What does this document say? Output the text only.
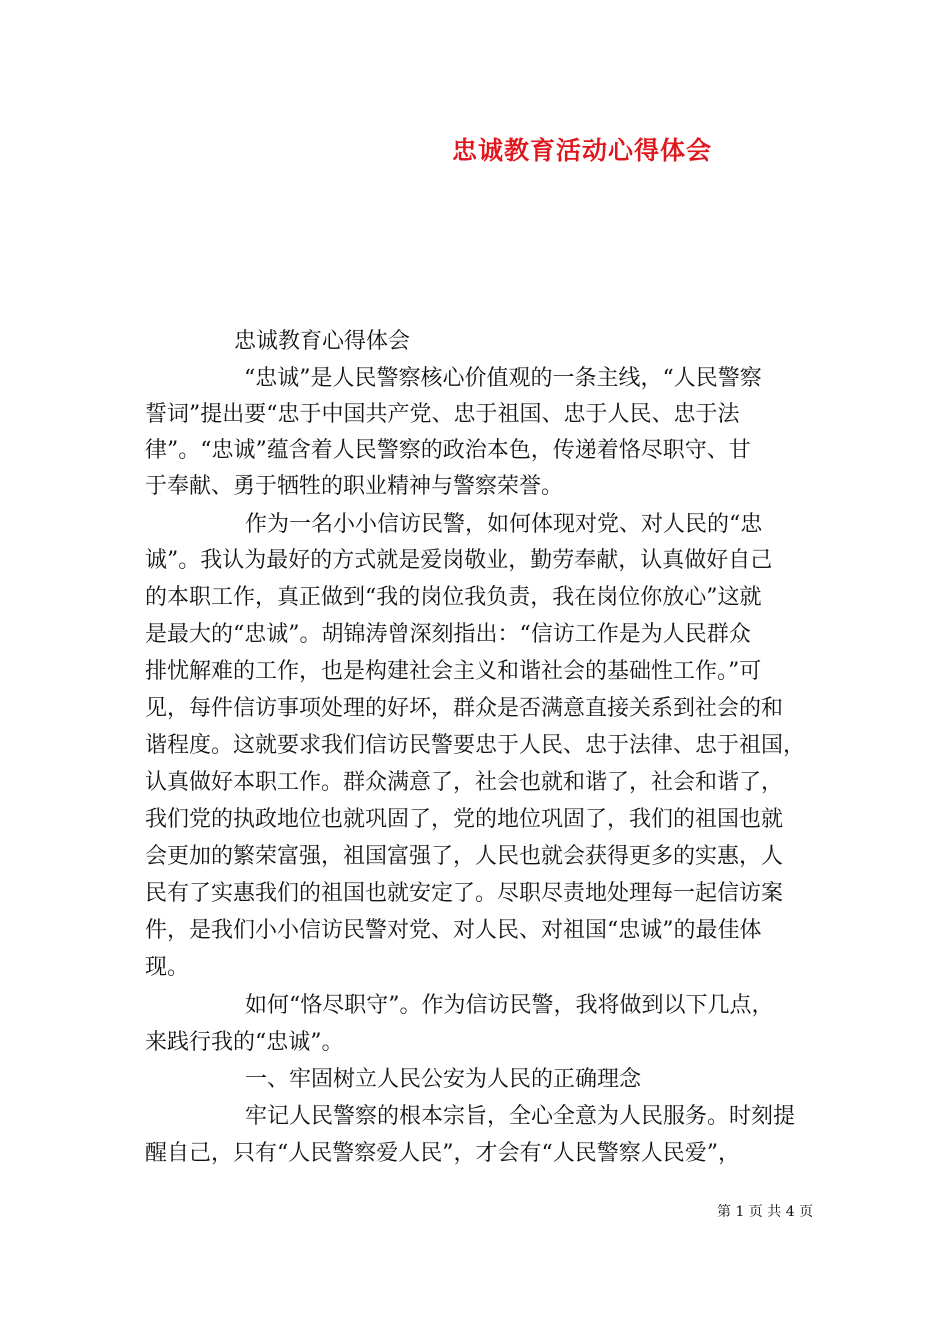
忠诚教育活动心得体会
忠诚教育心得体会
“忠诚”是人民警察核心价值观的一条主线，“人民警察
誓词”提出要“忠于中国共产党、忠于祖国、忠于人民、忠于法
律”。“忠诚”蕴含着人民警察的政治本色，传递着恪尽职守、甘
于奉献、勇于牺牲的职业精神与警察荣誉。
作为一名小小信访民警，如何体现对党、对人民的“忠
诚”。我认为最好的方式就是爱岗敬业，勤劳奉献，认真做好自己
的本职工作，真正做到“我的岗位我负责，我在岗位你放心”这就
是最大的“忠诚”。胡锦涛曾深刻指出：“信访工作是为人民群众
排忧解难的工作，也是构建社会主义和谐社会的基础性工作。”可
见，每件信访事项处理的好坏，群众是否满意直接关系到社会的和
谐程度。这就要求我们信访民警要忠于人民、忠于法律、忠于祖国，
认真做好本职工作。群众满意了，社会也就和谐了，社会和谐了，
我们党的执政地位也就巩固了，党的地位巩固了，我们的祖国也就
会更加的繁荣富强，祖国富强了，人民也就会获得更多的实惠，人
民有了实惠我们的祖国也就安定了。尽职尽责地处理每一起信访案
件，是我们小小信访民警对党、对人民、对祖国“忠诚”的最佳体
现。
如何“恪尽职守”。作为信访民警，我将做到以下几点，
来践行我的“忠诚”。
一、牢固树立人民公安为人民的正确理念
牢记人民警察的根本宗旨，全心全意为人民服务。时刻提
醒自己，只有“人民警察爱人民”，才会有“人民警察人民爱”，
第 1 页 共 4 页
